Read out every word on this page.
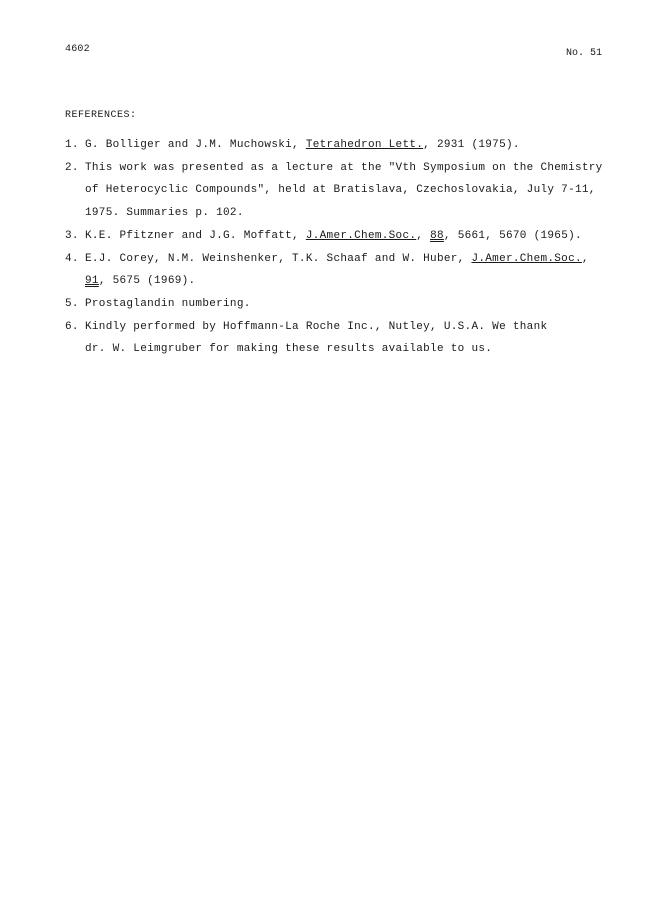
4602	No. 51
REFERENCES:
1. G. Bolliger and J.M. Muchowski, Tetrahedron Lett., 2931 (1975).
2. This work was presented as a lecture at the "Vth Symposium on the Chemistry
of Heterocyclic Compounds", held at Bratislava, Czechoslovakia, July 7-11,
1975. Summaries p. 102.
3. K.E. Pfitzner and J.G. Moffatt, J.Amer.Chem.Soc., 88, 5661, 5670 (1965).
4. E.J. Corey, N.M. Weinshenker, T.K. Schaaf and W. Huber, J.Amer.Chem.Soc.,
91, 5675 (1969).
5. Prostaglandin numbering.
6. Kindly performed by Hoffmann-La Roche Inc., Nutley, U.S.A. We thank
dr. W. Leimgruber for making these results available to us.
